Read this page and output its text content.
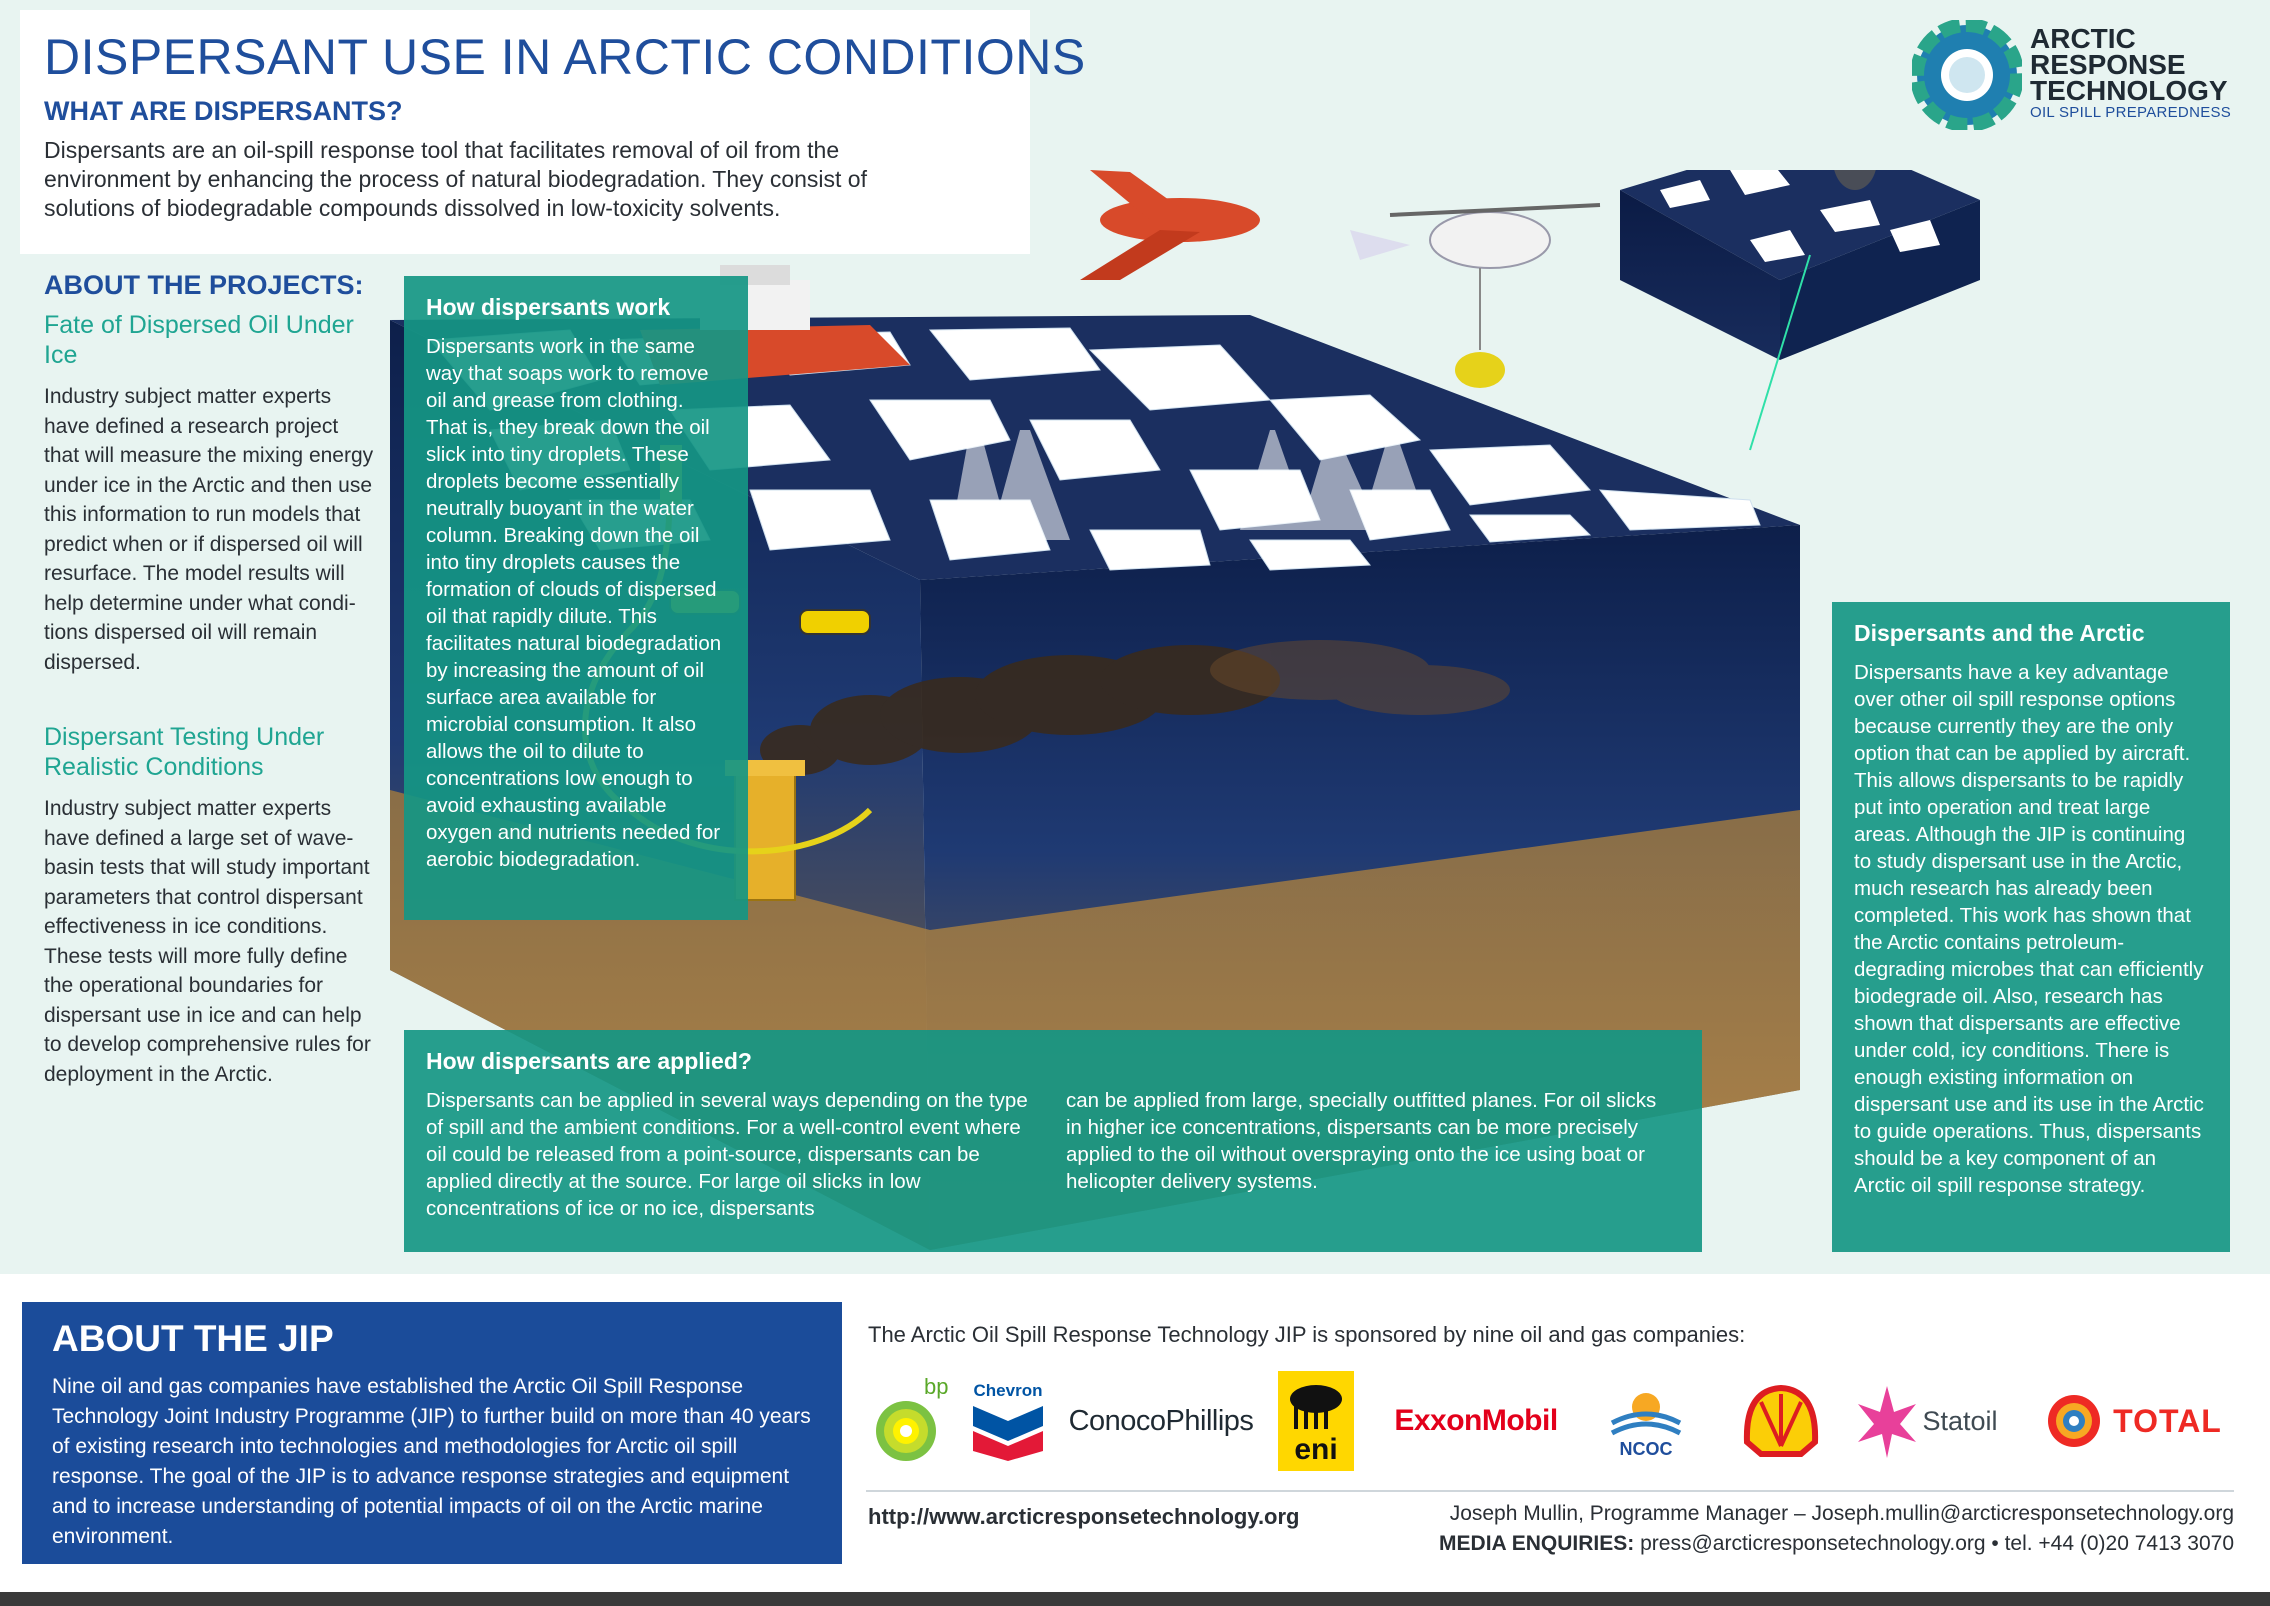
DISPERSANT USE IN ARCTIC CONDITIONS
WHAT ARE DISPERSANTS?

Dispersants are an oil-spill response tool that facilitates removal of oil from the environment by enhancing the process of natural biodegradation. They consist of solutions of biodegradable compounds dissolved in low-toxicity solvents.

ARCTIC
RESPONSE
TECHNOLOGY
OIL SPILL PREPAREDNESS
ABOUT THE PROJECTS:
Fate of Dispersed Oil Under Ice

Industry subject matter experts have defined a research project that will measure the mixing energy under ice in the Arctic and then use this information to run models that predict when or if dispersed oil will resurface. The model results will help determine under what condi-tions dispersed oil will remain dispersed.

Dispersant Testing Under Realistic Conditions

Industry subject matter experts have defined a large set of wave-basin tests that will study important parameters that control dispersant effectiveness in ice conditions. These tests will more fully define the operational boundaries for dispersant use in ice and can help to develop comprehensive rules for deployment in the Arctic.

How dispersants work

Dispersants work in the same way that soaps work to remove oil and grease from clothing. That is, they break down the oil slick into tiny droplets. These droplets become essentially neutrally buoyant in the water column. Breaking down the oil into tiny droplets causes the formation of clouds of dispersed oil that rapidly dilute. This facilitates natural biodegradation by increasing the amount of oil surface area available for microbial consumption. It also allows the oil to dilute to concentrations low enough to avoid exhausting available oxygen and nutrients needed for aerobic biodegradation.

Dispersants and the Arctic

Dispersants have a key advantage over other oil spill response options because currently they are the only option that can be applied by aircraft. This allows dispersants to be rapidly put into operation and treat large areas. Although the JIP is continuing to study dispersant use in the Arctic, much research has already been completed. This work has shown that the Arctic contains petroleum-degrading microbes that can efficiently biodegrade oil. Also, research has shown that dispersants are effective under cold, icy conditions. There is enough existing information on dispersant use and its use in the Arctic to guide operations. Thus, dispersants should be a key component of an Arctic oil spill response strategy.

How dispersants are applied?

Dispersants can be applied in several ways depending on the type of spill and the ambient conditions. For a well-control event where oil could be released from a point-source, dispersants can be applied directly at the source. For large oil slicks in low concentrations of ice or no ice, dispersants

can be applied from large, specially outfitted planes. For oil slicks in higher ice concentrations, dispersants can be more precisely applied to the oil without overspraying onto the ice using boat or helicopter delivery systems.

ABOUT THE JIP

Nine oil and gas companies have established the Arctic Oil Spill Response Technology Joint Industry Programme (JIP) to further build on more than 40 years of existing research into technologies and methodologies for Arctic oil spill response. The goal of the JIP is to advance response strategies and equipment and to increase understanding of potential impacts of oil on the Arctic marine environment.

The Arctic Oil Spill Response Technology JIP is sponsored by nine oil and gas companies:
bp Chevron
ConocoPhillips
eni
ExxonMobil
NCOC
Statoil	TOTAL
http://www.arcticresponsetechnology.org	Joseph Mullin, Programme Manager – Joseph.mullin@arcticresponsetechnology.org
MEDIA ENQUIRIES: press@arcticresponsetechnology.org • tel. +44 (0)20 7413 3070
